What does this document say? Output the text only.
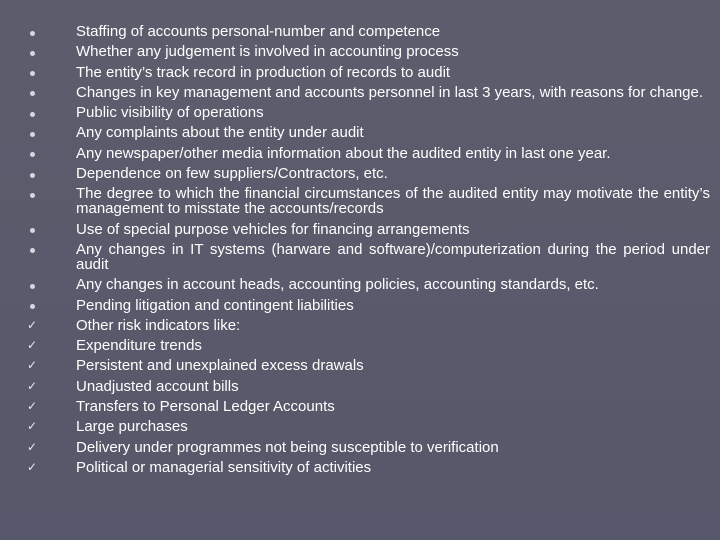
Staffing of accounts personal-number and competence
Whether any judgement is involved in accounting process
The entity’s track record in production of records to audit
Changes in key management and accounts personnel in last 3 years, with reasons for change.
Public visibility of operations
Any complaints about the entity under audit
Any newspaper/other media information about the audited entity in last one year.
Dependence on few suppliers/Contractors, etc.
The degree to which the financial circumstances of the audited entity may motivate the entity’s management to misstate the accounts/records
Use of special purpose vehicles for financing arrangements
Any changes in IT systems (harware and software)/computerization during the period under audit
Any changes in account heads, accounting policies, accounting standards, etc.
Pending litigation and contingent liabilities
✓	Other risk indicators like:
✓	Expenditure trends
✓	Persistent and unexplained excess drawals
✓	Unadjusted account bills
✓	Transfers to Personal Ledger Accounts
✓	Large purchases
✓	Delivery under programmes not being susceptible to verification
✓	Political or managerial sensitivity of activities
